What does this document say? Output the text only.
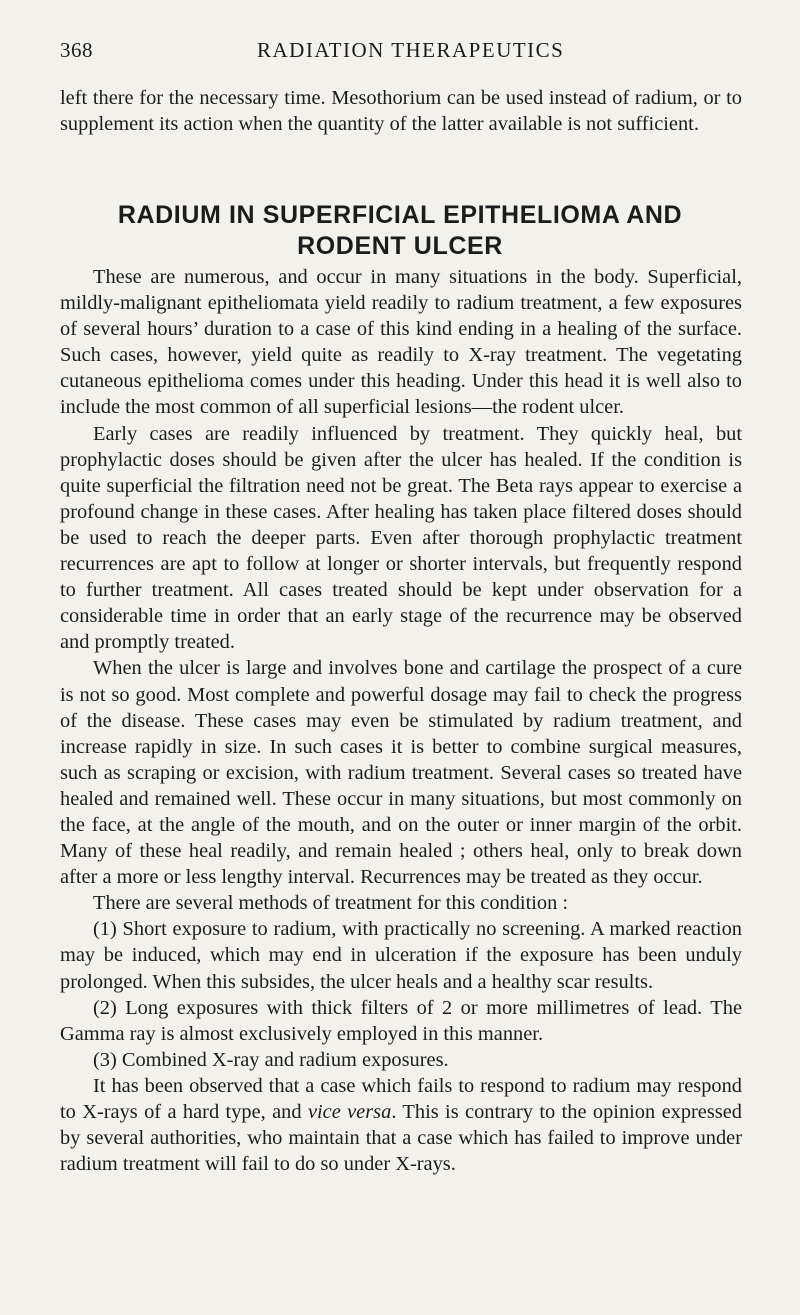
368	RADIATION THERAPEUTICS

left there for the necessary time. Mesothorium can be used instead of radium, or to supplement its action when the quantity of the latter available is not sufficient.

RADIUM IN SUPERFICIAL EPITHELIOMA AND
RODENT ULCER

These are numerous, and occur in many situations in the body. Superficial, mildly-malignant epitheliomata yield readily to radium treatment, a few exposures of several hours’ duration to a case of this kind ending in a healing of the surface. Such cases, however, yield quite as readily to X-ray treatment. The vegetating cutaneous epithelioma comes under this heading. Under this head it is well also to include the most common of all superficial lesions—the rodent ulcer.

Early cases are readily influenced by treatment. They quickly heal, but prophylactic doses should be given after the ulcer has healed. If the condition is quite superficial the filtration need not be great. The Beta rays appear to exercise a profound change in these cases. After healing has taken place filtered doses should be used to reach the deeper parts. Even after thorough prophylactic treatment recurrences are apt to follow at longer or shorter intervals, but frequently respond to further treatment. All cases treated should be kept under observation for a considerable time in order that an early stage of the recurrence may be observed and promptly treated.

When the ulcer is large and involves bone and cartilage the prospect of a cure is not so good. Most complete and powerful dosage may fail to check the progress of the disease. These cases may even be stimulated by radium treatment, and increase rapidly in size. In such cases it is better to combine surgical measures, such as scraping or excision, with radium treatment. Several cases so treated have healed and remained well. These occur in many situations, but most commonly on the face, at the angle of the mouth, and on the outer or inner margin of the orbit. Many of these heal readily, and remain healed ; others heal, only to break down after a more or less lengthy interval. Recurrences may be treated as they occur.

There are several methods of treatment for this condition :

(1) Short exposure to radium, with practically no screening. A marked reaction may be induced, which may end in ulceration if the exposure has been unduly prolonged. When this subsides, the ulcer heals and a healthy scar results.

(2) Long exposures with thick filters of 2 or more millimetres of lead. The Gamma ray is almost exclusively employed in this manner.

(3) Combined X-ray and radium exposures.

It has been observed that a case which fails to respond to radium may respond to X-rays of a hard type, and vice versa. This is contrary to the opinion expressed by several authorities, who maintain that a case which has failed to improve under radium treatment will fail to do so under X-rays.
